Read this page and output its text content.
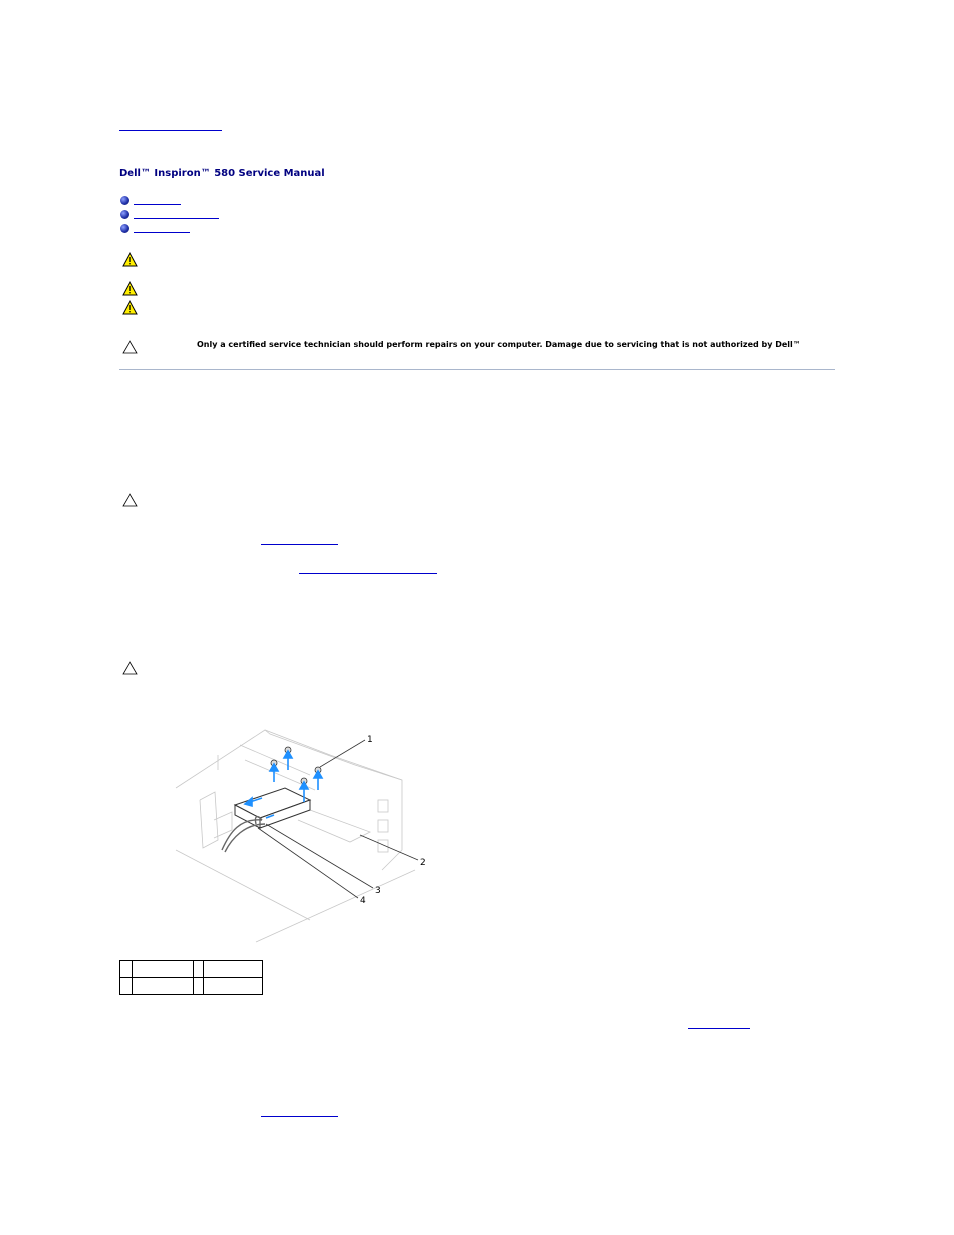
Dell™ Inspiron™ 580 Service Manual
Only a certified service technician should perform repairs on your computer. Damage due to servicing that is not authorized by Dell™
1
2
3
4
